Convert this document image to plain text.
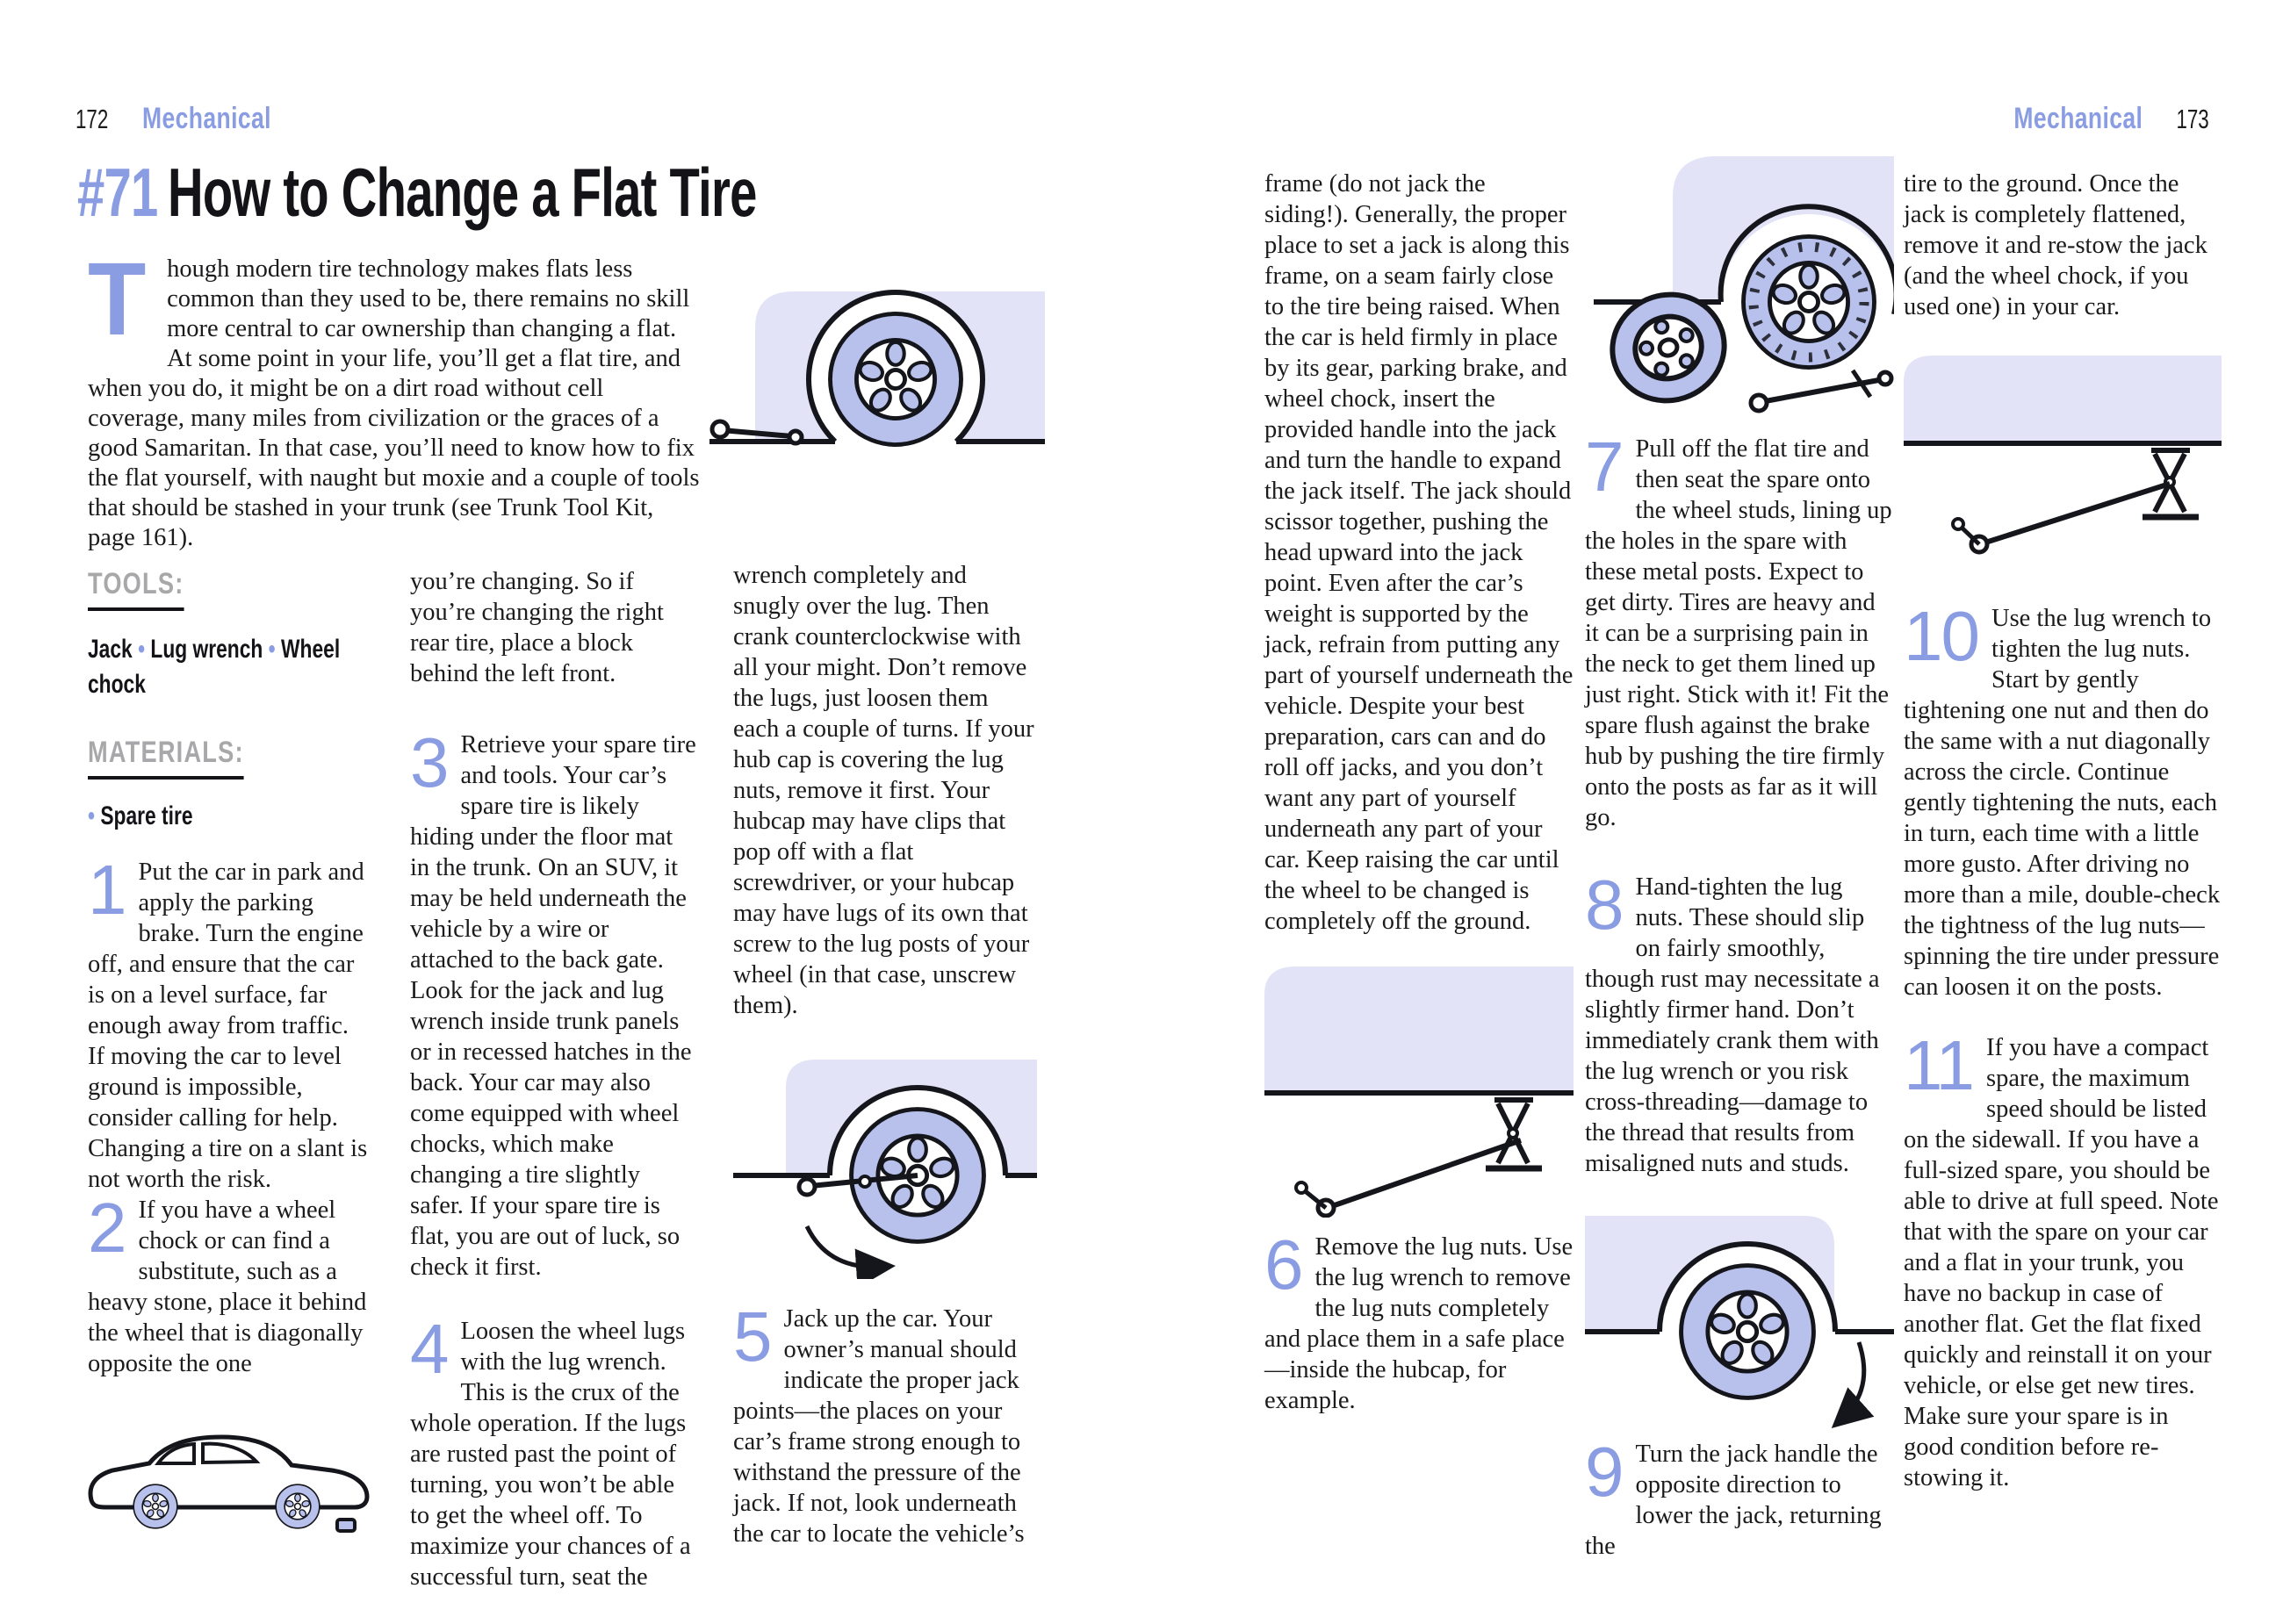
172 Mechanical
#71 How to Change a Flat Tire
Though modern tire technology makes flats less common than they used to be, there remains no skill more central to car ownership than changing a flat. At some point in your life, you’ll get a flat tire, and when you do, it might be on a dirt road without cell coverage, many miles from civilization or the graces of a good Samaritan. In that case, you’ll need to know how to fix the flat yourself, with naught but moxie and a couple of tools that should be stashed in your trunk (see Trunk Tool Kit, page 161).

TOOLS:

Jack • Lug wrench • Wheel chock

MATERIALS:

• Spare tire

1 Put the car in park and apply the parking brake. Turn the engine off, and ensure that the car is on a level surface, far enough away from traffic. If moving the car to level ground is impossible, consider calling for help. Changing a tire on a slant is not worth the risk.

2 If you have a wheel chock or can find a substitute, such as a heavy stone, place it behind the wheel that is diagonally opposite the one

you’re changing. So if you’re changing the right rear tire, place a block behind the left front.

3 Retrieve your spare tire and tools. Your car’s spare tire is likely hiding under the floor mat in the trunk. On an SUV, it may be held underneath the vehicle by a wire or attached to the back gate. Look for the jack and lug wrench inside trunk panels or in recessed hatches in the back. Your car may also come equipped with wheel chocks, which make changing a tire slightly safer. If your spare tire is flat, you are out of luck, so check it first.

4 Loosen the wheel lugs with the lug wrench. This is the crux of the whole operation. If the lugs are rusted past the point of turning, you won’t be able to get the wheel off. To maximize your chances of a successful turn, seat the

wrench completely and snugly over the lug. Then crank counterclockwise with all your might. Don’t remove the lugs, just loosen them each a couple of turns. If your hub cap is covering the lug nuts, remove it first. Your hubcap may have clips that pop off with a flat screwdriver, or your hubcap may have lugs of its own that screw to the lug posts of your wheel (in that case, unscrew them).

5 Jack up the car. Your owner’s manual should indicate the proper jack points—the places on your car’s frame strong enough to withstand the pressure of the jack. If not, look underneath the car to locate the vehicle’s

Mechanical 173

frame (do not jack the siding!). Generally, the proper place to set a jack is along this frame, on a seam fairly close to the tire being raised. When the car is held firmly in place by its gear, parking brake, and wheel chock, insert the provided handle into the jack and turn the handle to expand the jack itself. The jack should scissor together, pushing the head upward into the jack point. Even after the car’s weight is supported by the jack, refrain from putting any part of yourself underneath the vehicle. Despite your best preparation, cars can and do roll off jacks, and you don’t want any part of yourself underneath any part of your car. Keep raising the car until the wheel to be changed is completely off the ground.

6 Remove the lug nuts. Use the lug wrench to remove the lug nuts completely and place them in a safe place—inside the hubcap, for example.

7 Pull off the flat tire and then seat the spare onto the wheel studs, lining up the holes in the spare with these metal posts. Expect to get dirty. Tires are heavy and it can be a surprising pain in the neck to get them lined up just right. Stick with it! Fit the spare flush against the brake hub by pushing the tire firmly onto the posts as far as it will go.

8 Hand-tighten the lug nuts. These should slip on fairly smoothly, though rust may necessitate a slightly firmer hand. Don’t immediately crank them with the lug wrench or you risk cross-threading—damage to the thread that results from misaligned nuts and studs.

9 Turn the jack handle the opposite direction to lower the jack, returning the

tire to the ground. Once the jack is completely flattened, remove it and re-stow the jack (and the wheel chock, if you used one) in your car.

10 Use the lug wrench to tighten the lug nuts. Start by gently tightening one nut and then do the same with a nut diagonally across the circle. Continue gently tightening the nuts, each in turn, each time with a little more gusto. After driving no more than a mile, double-check the tightness of the lug nuts—spinning the tire under pressure can loosen it on the posts.

11 If you have a compact spare, the maximum speed should be listed on the sidewall. If you have a full-sized spare, you should be able to drive at full speed. Note that with the spare on your car and a flat in your trunk, you have no backup in case of another flat. Get the flat fixed quickly and reinstall it on your vehicle, or else get new tires. Make sure your spare is in good condition before re-stowing it.
